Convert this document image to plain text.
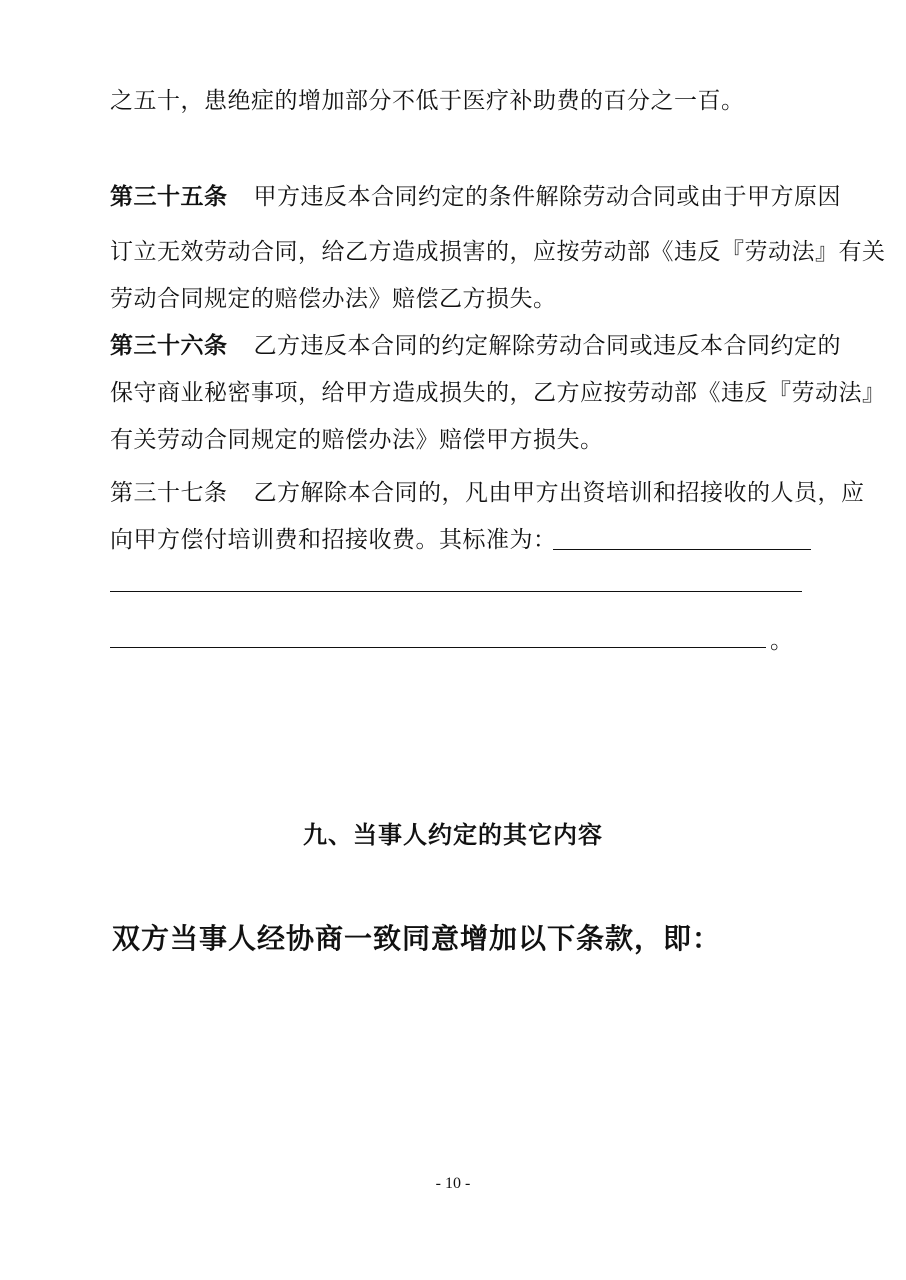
之五十，患绝症的增加部分不低于医疗补助费的百分之一百。
第三十五条 甲方违反本合同约定的条件解除劳动合同或由于甲方原因
订立无效劳动合同，给乙方造成损害的，应按劳动部《违反『劳动法』有关
劳动合同规定的赔偿办法》赔偿乙方损失。
第三十六条 乙方违反本合同的约定解除劳动合同或违反本合同约定的
保守商业秘密事项，给甲方造成损失的，乙方应按劳动部《违反『劳动法』
有关劳动合同规定的赔偿办法》赔偿甲方损失。
第三十七条 乙方解除本合同的，凡由甲方出资培训和招接收的人员，应
向甲方偿付培训费和招接收费。其标准为：
。
九、当事人约定的其它内容
双方当事人经协商一致同意增加以下条款，即：
- 10 -
